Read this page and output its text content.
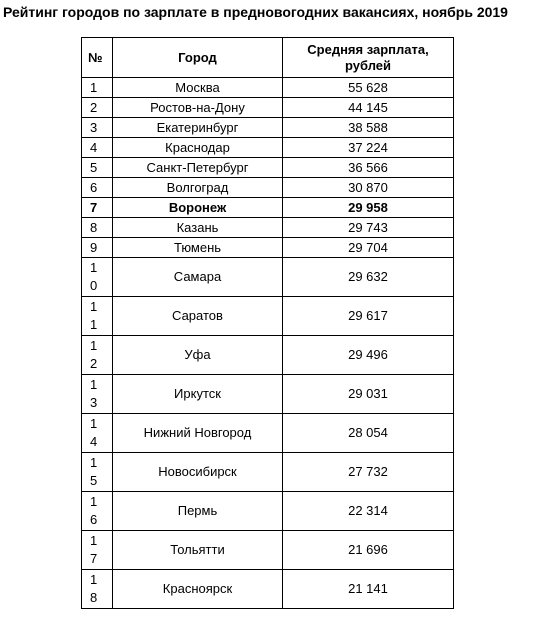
Рейтинг городов по зарплате в предновогодних вакансиях, ноябрь 2019
№	Город	Средняя зарплата, рублей
1	Москва	55 628
2	Ростов-на-Дону	44 145
3	Екатеринбург	38 588
4	Краснодар	37 224
5	Санкт-Петербург	36 566
6	Волгоград	30 870
7	Воронеж	29 958
8	Казань	29 743
9	Тюмень	29 704
10	Самара	29 632
11	Саратов	29 617
12	Уфа	29 496
13	Иркутск	29 031
14	Нижний Новгород	28 054
15	Новосибирск	27 732
16	Пермь	22 314
17	Тольятти	21 696
18	Красноярск	21 141
